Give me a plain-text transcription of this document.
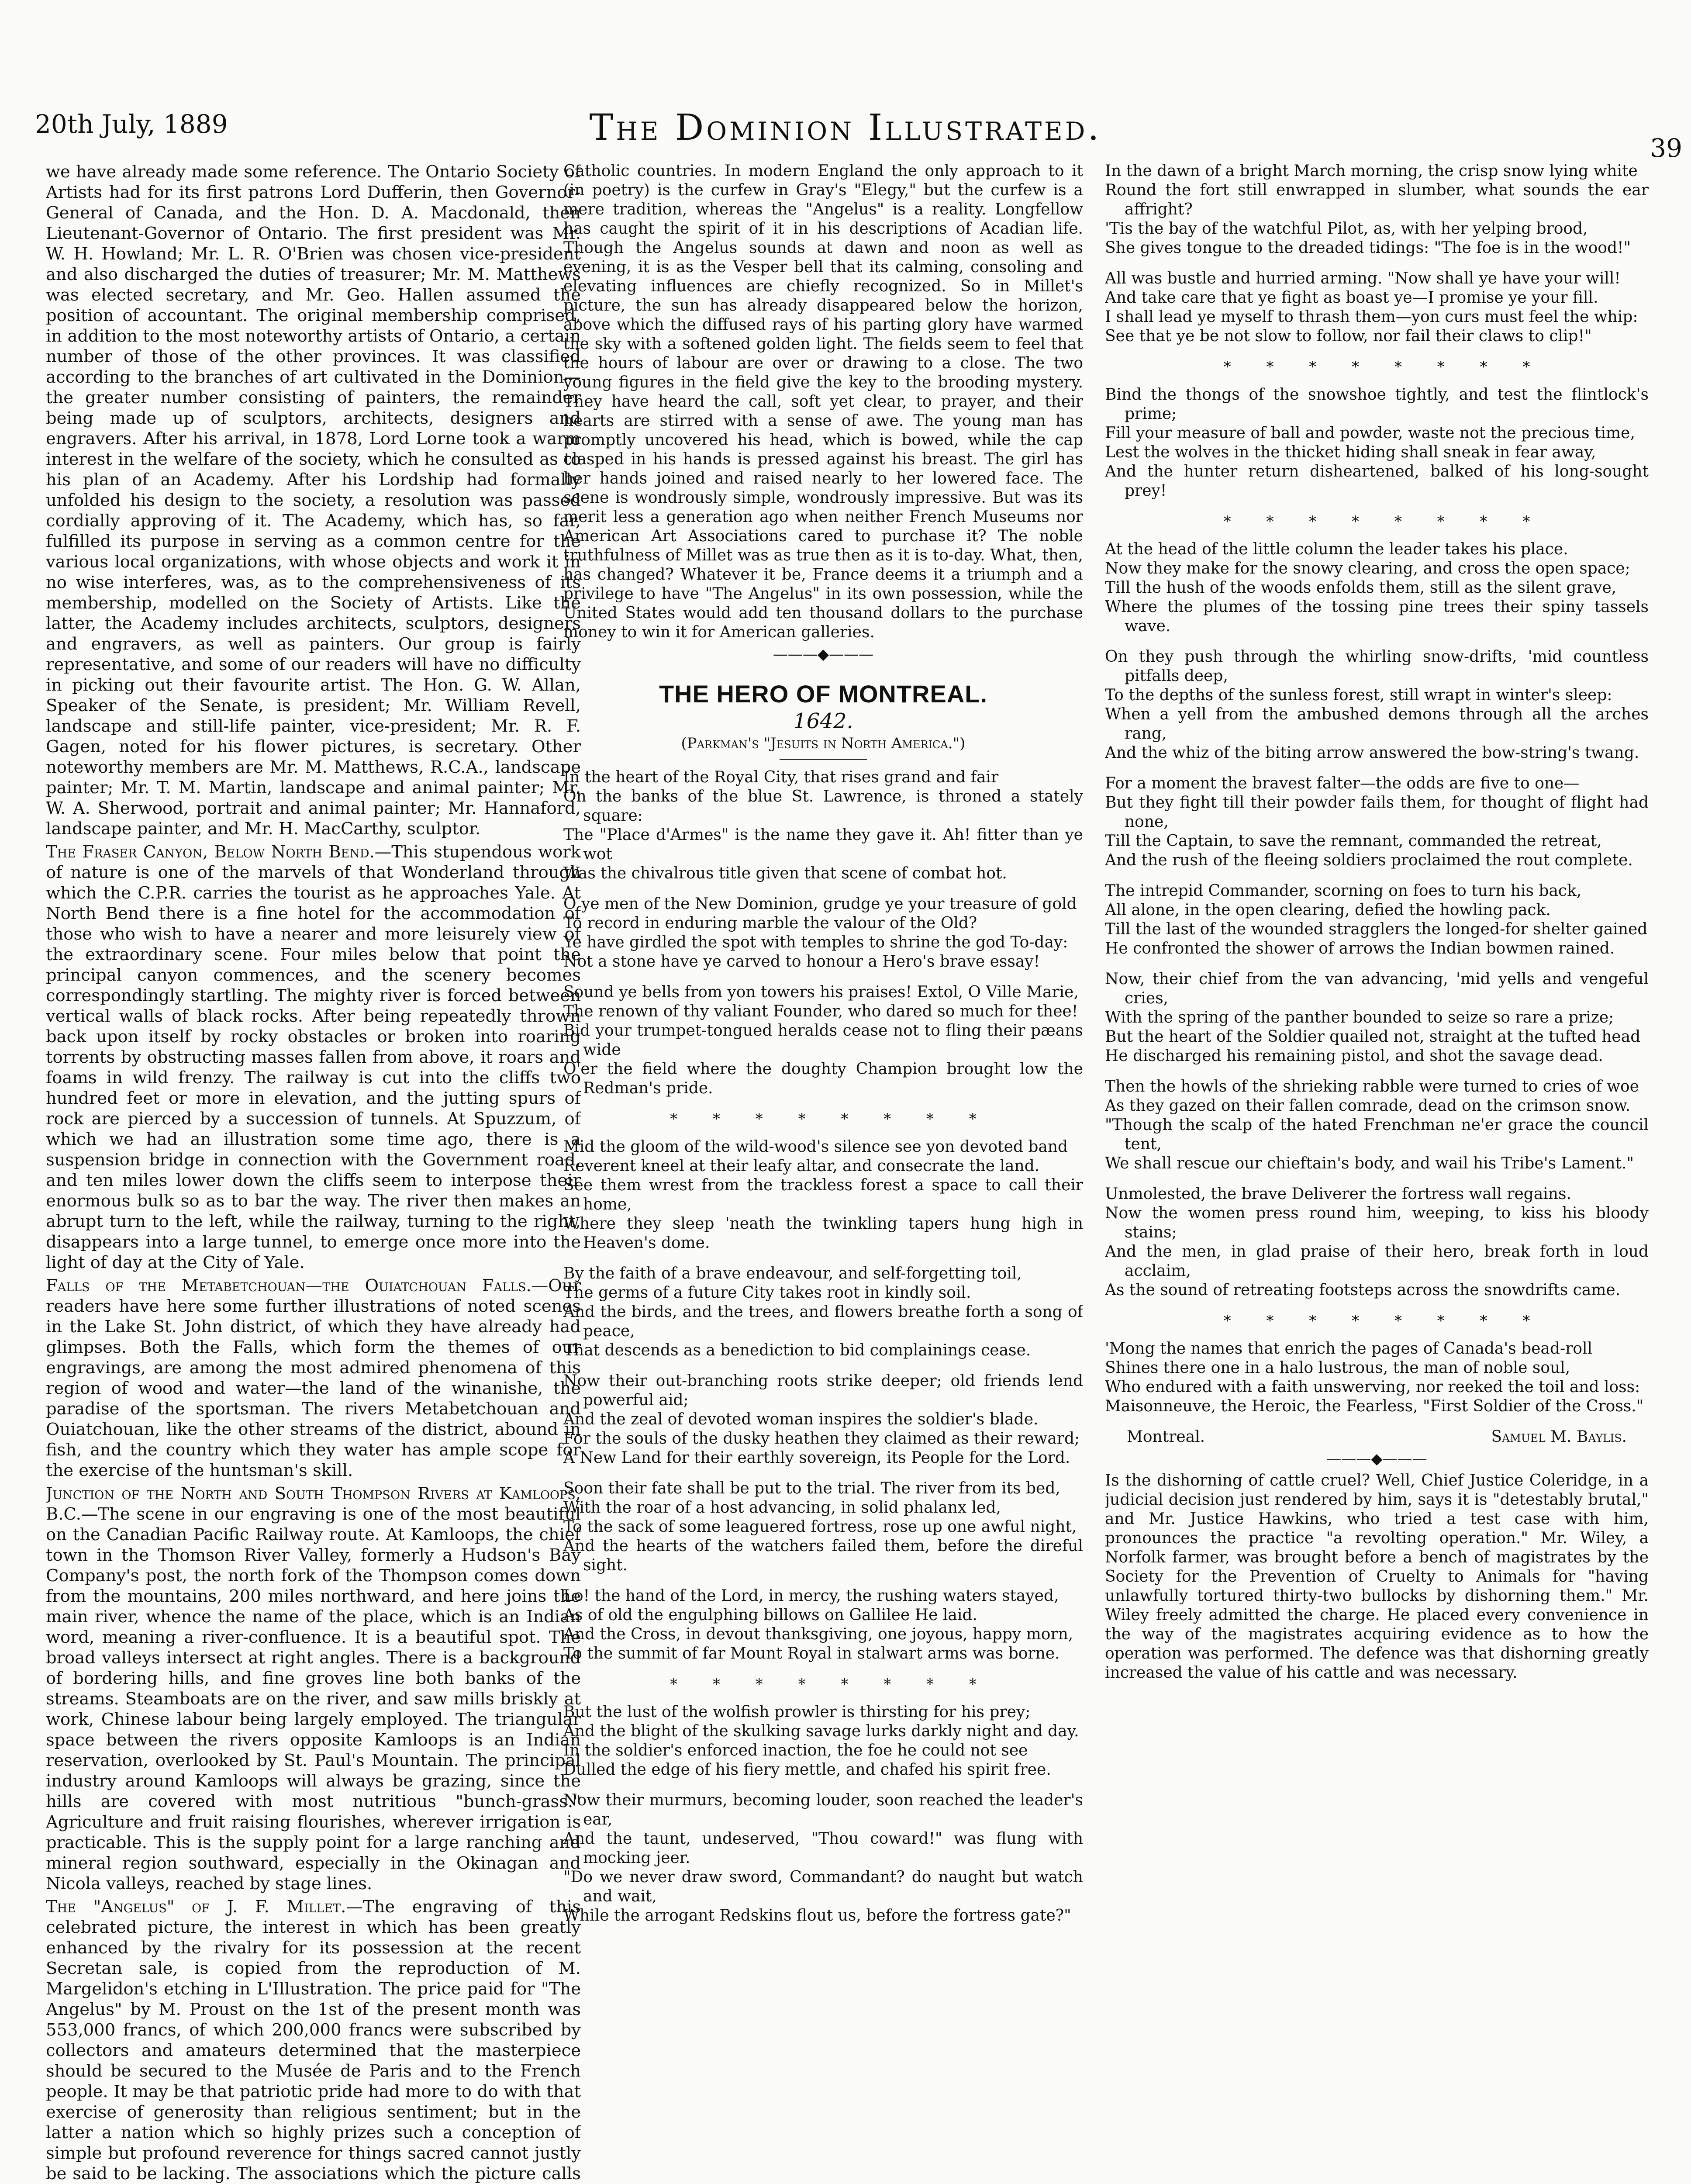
20th July, 1889	The Dominion Illustrated.	39

we have already made some reference. The Ontario Society of Artists had for its first patrons Lord Dufferin, then Governor-General of Canada, and the Hon. D. A. Macdonald, then Lieutenant-Governor of Ontario. The first president was Mr. W. H. Howland; Mr. L. R. O'Brien was chosen vice-president and also discharged the duties of treasurer; Mr. M. Matthews was elected secretary, and Mr. Geo. Hallen assumed the position of accountant. The original membership comprised, in addition to the most noteworthy artists of Ontario, a certain number of those of the other provinces. It was classified according to the branches of art cultivated in the Dominion—the greater number consisting of painters, the remainder being made up of sculptors, architects, designers and engravers. After his arrival, in 1878, Lord Lorne took a warm interest in the welfare of the society, which he consulted as to his plan of an Academy. After his Lordship had formally unfolded his design to the society, a resolution was passed cordially approving of it. The Academy, which has, so far, fulfilled its purpose in serving as a common centre for the various local organizations, with whose objects and work it in no wise interferes, was, as to the comprehensiveness of its membership, modelled on the Society of Artists. Like the latter, the Academy includes architects, sculptors, designers and engravers, as well as painters. Our group is fairly representative, and some of our readers will have no difficulty in picking out their favourite artist. The Hon. G. W. Allan, Speaker of the Senate, is president; Mr. William Revell, landscape and still-life painter, vice-president; Mr. R. F. Gagen, noted for his flower pictures, is secretary. Other noteworthy members are Mr. M. Matthews, R.C.A., landscape painter; Mr. T. M. Martin, landscape and animal painter; Mr. W. A. Sherwood, portrait and animal painter; Mr. Hannaford, landscape painter, and Mr. H. MacCarthy, sculptor.

The Fraser Canyon, Below North Bend.—This stupendous work of nature is one of the marvels of that Wonderland through which the C.P.R. carries the tourist as he approaches Yale. At North Bend there is a fine hotel for the accommodation of those who wish to have a nearer and more leisurely view of the extraordinary scene. Four miles below that point the principal canyon commences, and the scenery becomes correspondingly startling. The mighty river is forced between vertical walls of black rocks. After being repeatedly thrown back upon itself by rocky obstacles or broken into roaring torrents by obstructing masses fallen from above, it roars and foams in wild frenzy. The railway is cut into the cliffs two hundred feet or more in elevation, and the jutting spurs of rock are pierced by a succession of tunnels. At Spuzzum, of which we had an illustration some time ago, there is a suspension bridge in connection with the Government road, and ten miles lower down the cliffs seem to interpose their enormous bulk so as to bar the way. The river then makes an abrupt turn to the left, while the railway, turning to the right, disappears into a large tunnel, to emerge once more into the light of day at the City of Yale.

Falls of the Metabetchouan—the Ouiatchouan Falls.—Our readers have here some further illustrations of noted scenes in the Lake St. John district, of which they have already had glimpses. Both the Falls, which form the themes of our engravings, are among the most admired phenomena of this region of wood and water—the land of the winanishe, the paradise of the sportsman. The rivers Metabetchouan and Ouiatchouan, like the other streams of the district, abound in fish, and the country which they water has ample scope for the exercise of the huntsman's skill.

Junction of the North and South Thompson Rivers at Kamloops, B.C.—The scene in our engraving is one of the most beautiful on the Canadian Pacific Railway route. At Kamloops, the chief town in the Thomson River Valley, formerly a Hudson's Bay Company's post, the north fork of the Thompson comes down from the mountains, 200 miles northward, and here joins the main river, whence the name of the place, which is an Indian word, meaning a river-confluence. It is a beautiful spot. The broad valleys intersect at right angles. There is a background of bordering hills, and fine groves line both banks of the streams. Steamboats are on the river, and saw mills briskly at work, Chinese labour being largely employed. The triangular space between the rivers opposite Kamloops is an Indian reservation, overlooked by St. Paul's Mountain. The principal industry around Kamloops will always be grazing, since the hills are covered with most nutritious "bunch-grass." Agriculture and fruit raising flourishes, wherever irrigation is practicable. This is the supply point for a large ranching and mineral region southward, especially in the Okinagan and Nicola valleys, reached by stage lines.

The "Angelus" of J. F. Millet.—The engraving of this celebrated picture, the interest in which has been greatly enhanced by the rivalry for its possession at the recent Secretan sale, is copied from the reproduction of M. Margelidon's etching in L'Illustration. The price paid for "The Angelus" by M. Proust on the 1st of the present month was 553,000 francs, of which 200,000 francs were subscribed by collectors and amateurs determined that the masterpiece should be secured to the Musée de Paris and to the French people. It may be that patriotic pride had more to do with that exercise of generosity than religious sentiment; but in the latter a nation which so highly prizes such a conception of simple but profound reverence for things sacred cannot justly be said to be lacking. The associations which the picture calls

Catholic countries. In modern England the only approach to it (in poetry) is the curfew in Gray's "Elegy," but the curfew is a mere tradition, whereas the "Angelus" is a reality. Longfellow has caught the spirit of it in his descriptions of Acadian life. Though the Angelus sounds at dawn and noon as well as evening, it is as the Vesper bell that its calming, consoling and elevating influences are chiefly recognized. So in Millet's picture, the sun has already disappeared below the horizon, above which the diffused rays of his parting glory have warmed the sky with a softened golden light. The fields seem to feel that the hours of labour are over or drawing to a close. The two young figures in the field give the key to the brooding mystery. They have heard the call, soft yet clear, to prayer, and their hearts are stirred with a sense of awe. The young man has promptly uncovered his head, which is bowed, while the cap clasped in his hands is pressed against his breast. The girl has her hands joined and raised nearly to her lowered face. The scene is wondrously simple, wondrously impressive. But was its merit less a generation ago when neither French Museums nor American Art Associations cared to purchase it? The noble truthfulness of Millet was as true then as it is to-day. What, then, has changed? Whatever it be, France deems it a triumph and a privilege to have "The Angelus" in its own possession, while the United States would add ten thousand dollars to the purchase money to win it for American galleries.

———◆———
THE HERO OF MONTREAL.
1642.
(Parkman's "Jesuits in North America.")
In the heart of the Royal City, that rises grand and fair
On the banks of the blue St. Lawrence, is throned a stately square:
The "Place d'Armes" is the name they gave it. Ah! fitter than ye wot
Was the chivalrous title given that scene of combat hot.
O ye men of the New Dominion, grudge ye your treasure of gold
To record in enduring marble the valour of the Old?
Ye have girdled the spot with temples to shrine the god To-day:
Not a stone have ye carved to honour a Hero's brave essay!
Sound ye bells from yon towers his praises! Extol, O Ville Marie,
The renown of thy valiant Founder, who dared so much for thee!
Bid your trumpet-tongued heralds cease not to fling their pæans wide
O'er the field where the doughty Champion brought low the Redman's pride.
* * * * * * * *
Mid the gloom of the wild-wood's silence see yon devoted band
Reverent kneel at their leafy altar, and consecrate the land.
See them wrest from the trackless forest a space to call their home,
Where they sleep 'neath the twinkling tapers hung high in Heaven's dome.
By the faith of a brave endeavour, and self-forgetting toil,
The germs of a future City takes root in kindly soil.
And the birds, and the trees, and flowers breathe forth a song of peace,
That descends as a benediction to bid complainings cease.
Now their out-branching roots strike deeper; old friends lend powerful aid;
And the zeal of devoted woman inspires the soldier's blade.
For the souls of the dusky heathen they claimed as their reward;
A New Land for their earthly sovereign, its People for the Lord.
Soon their fate shall be put to the trial. The river from its bed,
With the roar of a host advancing, in solid phalanx led,
To the sack of some leaguered fortress, rose up one awful night,
And the hearts of the watchers failed them, before the direful sight.
Lo! the hand of the Lord, in mercy, the rushing waters stayed,
As of old the engulphing billows on Gallilee He laid.
And the Cross, in devout thanksgiving, one joyous, happy morn,
To the summit of far Mount Royal in stalwart arms was borne.
* * * * * * * *
But the lust of the wolfish prowler is thirsting for his prey;
And the blight of the skulking savage lurks darkly night and day.
In the soldier's enforced inaction, the foe he could not see
Dulled the edge of his fiery mettle, and chafed his spirit free.
Now their murmurs, becoming louder, soon reached the leader's ear,
And the taunt, undeserved, "Thou coward!" was flung with mocking jeer.
"Do we never draw sword, Commandant? do naught but watch and wait,
While the arrogant Redskins flout us, before the fortress gate?"
In the dawn of a bright March morning, the crisp snow lying white
Round the fort still enwrapped in slumber, what sounds the ear affright?
'Tis the bay of the watchful Pilot, as, with her yelping brood,
She gives tongue to the dreaded tidings: "The foe is in the wood!"
All was bustle and hurried arming. "Now shall ye have your will!
And take care that ye fight as boast ye—I promise ye your fill.
I shall lead ye myself to thrash them—yon curs must feel the whip:
See that ye be not slow to follow, nor fail their claws to clip!"
* * * * * * * *
Bind the thongs of the snowshoe tightly, and test the flintlock's prime;
Fill your measure of ball and powder, waste not the precious time,
Lest the wolves in the thicket hiding shall sneak in fear away,
And the hunter return disheartened, balked of his long-sought prey!
* * * * * * * *
At the head of the little column the leader takes his place.
Now they make for the snowy clearing, and cross the open space;
Till the hush of the woods enfolds them, still as the silent grave,
Where the plumes of the tossing pine trees their spiny tassels wave.
On they push through the whirling snow-drifts, 'mid countless pitfalls deep,
To the depths of the sunless forest, still wrapt in winter's sleep:
When a yell from the ambushed demons through all the arches rang,
And the whiz of the biting arrow answered the bow-string's twang.
For a moment the bravest falter—the odds are five to one—
But they fight till their powder fails them, for thought of flight had none,
Till the Captain, to save the remnant, commanded the retreat,
And the rush of the fleeing soldiers proclaimed the rout complete.
The intrepid Commander, scorning on foes to turn his back,
All alone, in the open clearing, defied the howling pack.
Till the last of the wounded stragglers the longed-for shelter gained
He confronted the shower of arrows the Indian bowmen rained.
Now, their chief from the van advancing, 'mid yells and vengeful cries,
With the spring of the panther bounded to seize so rare a prize;
But the heart of the Soldier quailed not, straight at the tufted head
He discharged his remaining pistol, and shot the savage dead.
Then the howls of the shrieking rabble were turned to cries of woe
As they gazed on their fallen comrade, dead on the crimson snow.
"Though the scalp of the hated Frenchman ne'er grace the council tent,
We shall rescue our chieftain's body, and wail his Tribe's Lament."
Unmolested, the brave Deliverer the fortress wall regains.
Now the women press round him, weeping, to kiss his bloody stains;
And the men, in glad praise of their hero, break forth in loud acclaim,
As the sound of retreating footsteps across the snowdrifts came.
* * * * * * * *
'Mong the names that enrich the pages of Canada's bead-roll
Shines there one in a halo lustrous, the man of noble soul,
Who endured with a faith unswerving, nor reeked the toil and loss:
Maisonneuve, the Heroic, the Fearless, "First Soldier of the Cross."
Montreal.	Samuel M. Baylis.
———◆———

Is the dishorning of cattle cruel? Well, Chief Justice Coleridge, in a judicial decision just rendered by him, says it is "detestably brutal," and Mr. Justice Hawkins, who tried a test case with him, pronounces the practice "a revolting operation." Mr. Wiley, a Norfolk farmer, was brought before a bench of magistrates by the Society for the Prevention of Cruelty to Animals for "having unlawfully tortured thirty-two bullocks by dishorning them." Mr. Wiley freely admitted the charge. He placed every convenience in the way of the magistrates acquiring evidence as to how the operation was performed. The defence was that dishorning greatly increased the value of his cattle and was necessary.
